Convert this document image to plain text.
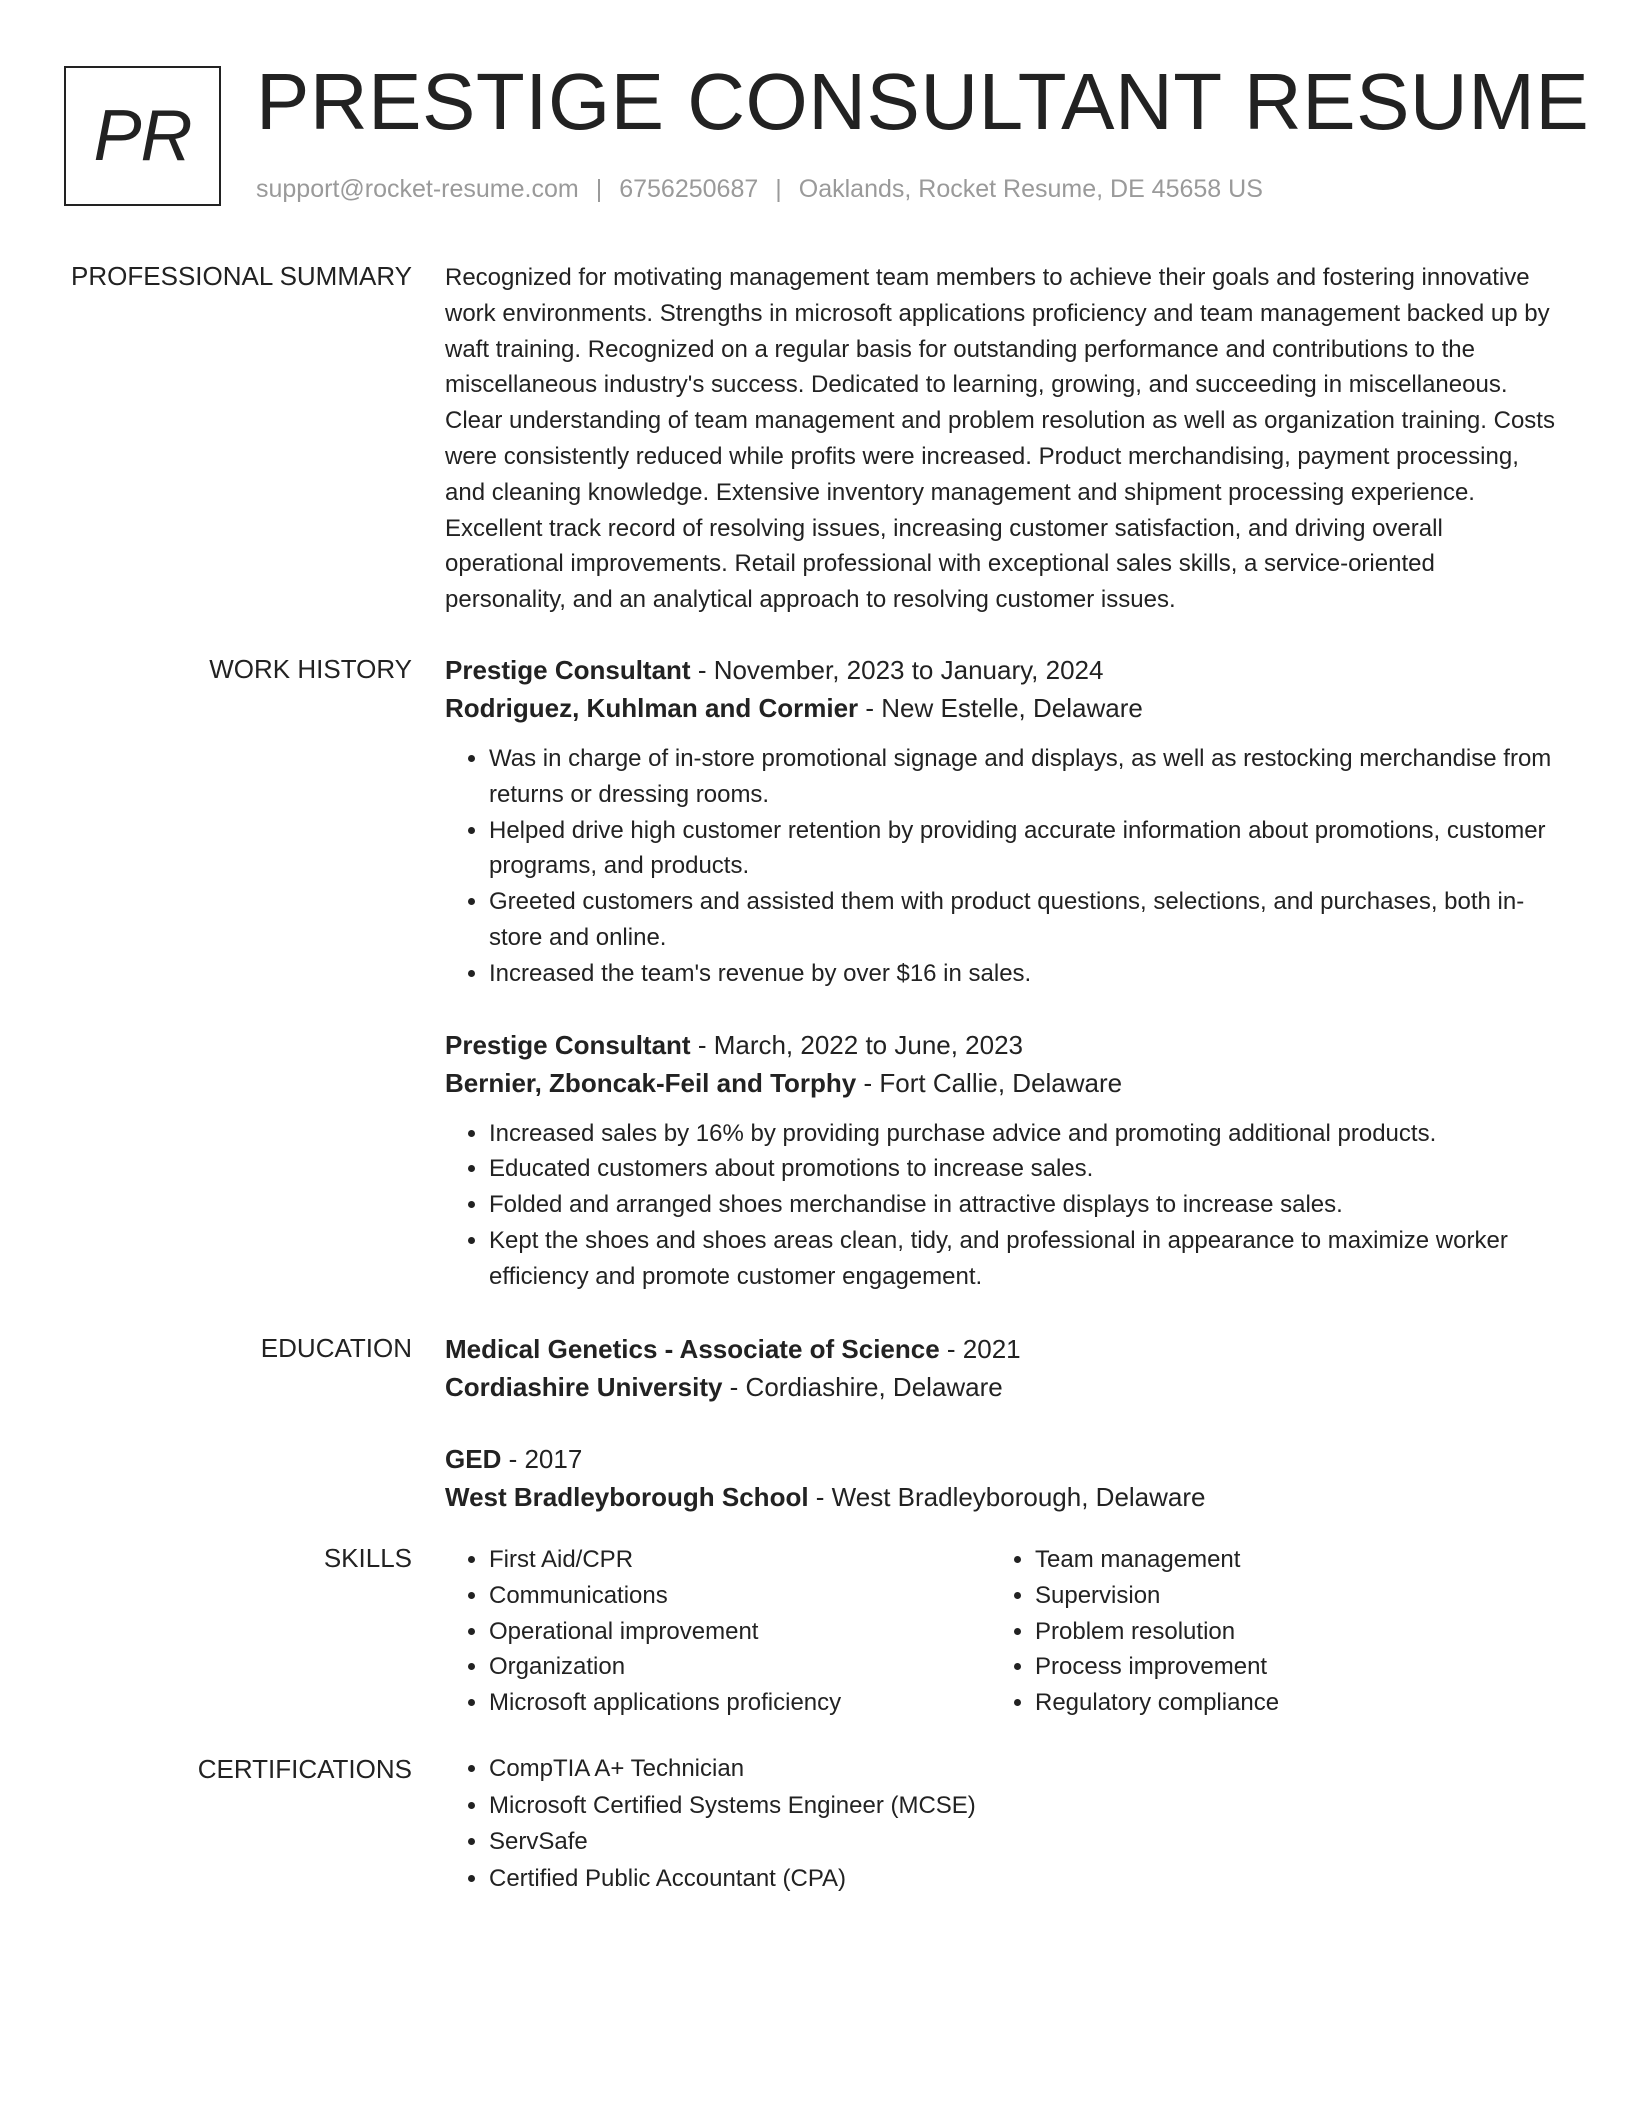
PR PRESTIGE CONSULTANT RESUME
support@rocket-resume.com | 6756250687 | Oaklands, Rocket Resume, DE 45658 US
PROFESSIONAL SUMMARY Recognized for motivating management team members to achieve their goals and fostering innovative work environments. Strengths in microsoft applications proficiency and team management backed up by waft training. Recognized on a regular basis for outstanding performance and contributions to the miscellaneous industry's success. Dedicated to learning, growing, and succeeding in miscellaneous. Clear understanding of team management and problem resolution as well as organization training. Costs were consistently reduced while profits were increased. Product merchandising, payment processing, and cleaning knowledge. Extensive inventory management and shipment processing experience. Excellent track record of resolving issues, increasing customer satisfaction, and driving overall operational improvements. Retail professional with exceptional sales skills, a service-oriented personality, and an analytical approach to resolving customer issues.

WORK HISTORY Prestige Consultant - November, 2023 to January, 2024
Rodriguez, Kuhlman and Cormier - New Estelle, Delaware
• Was in charge of in-store promotional signage and displays, as well as restocking merchandise from returns or dressing rooms.
• Helped drive high customer retention by providing accurate information about promotions, customer programs, and products.
• Greeted customers and assisted them with product questions, selections, and purchases, both in-store and online.
• Increased the team's revenue by over $16 in sales.
Prestige Consultant - March, 2022 to June, 2023
Bernier, Zboncak-Feil and Torphy - Fort Callie, Delaware
• Increased sales by 16% by providing purchase advice and promoting additional products.
• Educated customers about promotions to increase sales.
• Folded and arranged shoes merchandise in attractive displays to increase sales.
• Kept the shoes and shoes areas clean, tidy, and professional in appearance to maximize worker efficiency and promote customer engagement.
EDUCATION Medical Genetics - Associate of Science - 2021
Cordiashire University - Cordiashire, Delaware
GED - 2017
West Bradleyborough School - West Bradleyborough, Delaware
SKILLS	• First Aid/CPR
• Communications
• Operational improvement
• Organization
• Microsoft applications proficiency
• Team management
• Supervision
• Problem resolution
• Process improvement
• Regulatory compliance
CERTIFICATIONS	• CompTIA A+ Technician
• Microsoft Certified Systems Engineer (MCSE)
• ServSafe
• Certified Public Accountant (CPA)
